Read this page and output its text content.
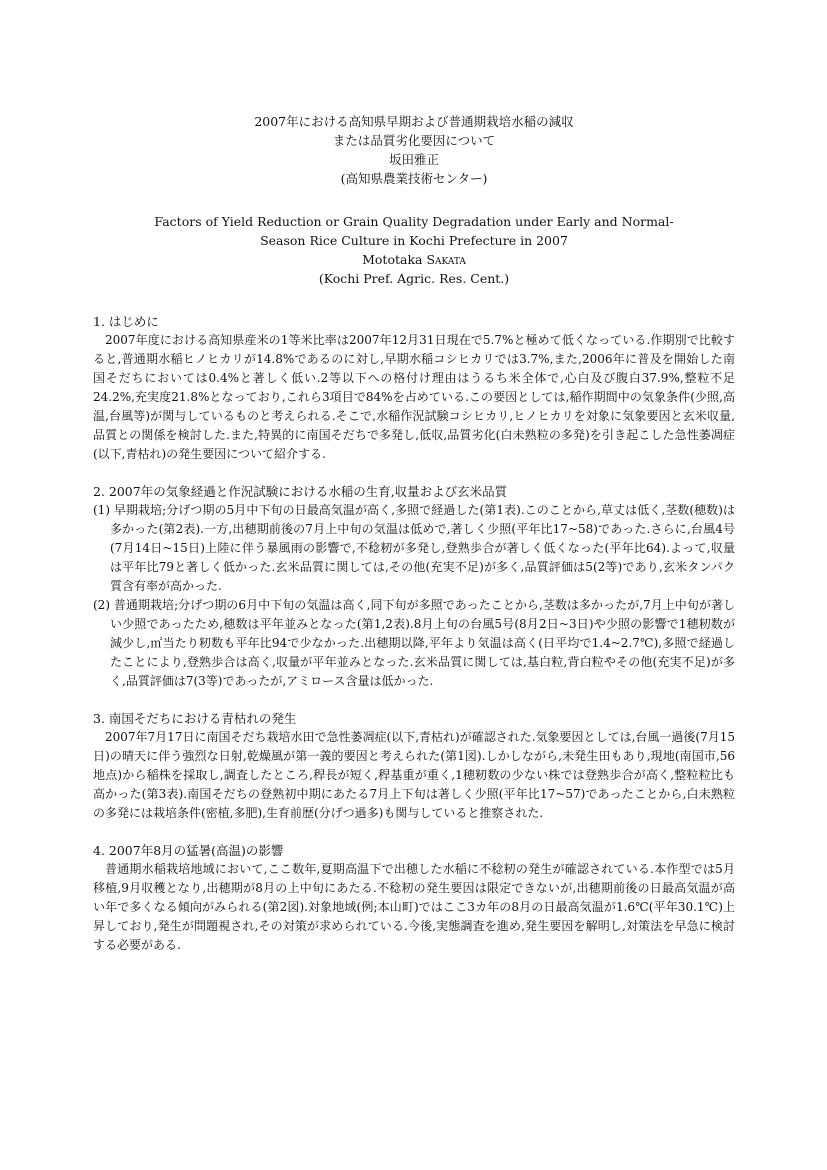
2007年における高知県早期および普通期栽培水稲の減収
または品質劣化要因について
坂田雅正
(高知県農業技術センター)
Factors of Yield Reduction or Grain Quality Degradation under Early and Normal-
Season Rice Culture in Kochi Prefecture in 2007
Mototaka Sakata
(Kochi Pref. Agric. Res. Cent.)
1. はじめに
2007年度における高知県産米の1等米比率は2007年12月31日現在で5.7%と極めて低くなっている.作期別で比較すると,普通期水稲ヒノヒカリが14.8%であるのに対し,早期水稲コシヒカリでは3.7%,また,2006年に普及を開始した南国そだちにおいては0.4%と著しく低い.2等以下への格付け理由はうるち米全体で,心白及び腹白37.9%,整粒不足24.2%,充実度21.8%となっており,これら3項目で84%を占めている.この要因としては,稲作期間中の気象条件(少照,高温,台風等)が関与しているものと考えられる.そこで,水稲作況試験コシヒカリ,ヒノヒカリを対象に気象要因と玄米収量,品質との関係を検討した.また,特異的に南国そだちで多発し,低収,品質劣化(白未熟粒の多発)を引き起こした急性萎凋症(以下,青枯れ)の発生要因について紹介する.
2. 2007年の気象経過と作況試験における水稲の生育,収量および玄米品質
(1) 早期栽培;分げつ期の5月中下旬の日最高気温が高く,多照で経過した(第1表).このことから,草丈は低く,茎数(穂数)は多かった(第2表).一方,出穂期前後の7月上中旬の気温は低めで,著しく少照(平年比17~58)であった.さらに,台風4号(7月14日~15日)上陸に伴う暴風雨の影響で,不稔籾が多発し,登熟歩合が著しく低くなった(平年比64).よって,収量は平年比79と著しく低かった.玄米品質に関しては,その他(充実不足)が多く,品質評価は5(2等)であり,玄米タンパク質含有率が高かった.
(2) 普通期栽培;分げつ期の6月中下旬の気温は高く,同下旬が多照であったことから,茎数は多かったが,7月上中旬が著しい少照であったため,穂数は平年並みとなった(第1,2表).8月上旬の台風5号(8月2日~3日)や少照の影響で1穂籾数が減少し,㎡当たり籾数も平年比94で少なかった.出穂期以降,平年より気温は高く(日平均で1.4~2.7℃),多照で経過したことにより,登熟歩合は高く,収量が平年並みとなった.玄米品質に関しては,基白粒,背白粒やその他(充実不足)が多く,品質評価は7(3等)であったが,アミロース含量は低かった.
3. 南国そだちにおける青枯れの発生
2007年7月17日に南国そだち栽培水田で急性萎凋症(以下,青枯れ)が確認された.気象要因としては,台風一過後(7月15日)の晴天に伴う強烈な日射,乾燥風が第一義的要因と考えられた(第1図).しかしながら,未発生田もあり,現地(南国市,56地点)から稲株を採取し,調査したところ,稈長が短く,稈基重が重く,1穂籾数の少ない株では登熟歩合が高く,整粒粒比も高かった(第3表).南国そだちの登熟初中期にあたる7月上下旬は著しく少照(平年比17~57)であったことから,白未熟粒の多発には栽培条件(密植,多肥),生育前歴(分げつ過多)も関与していると推察された.
4. 2007年8月の猛暑(高温)の影響
普通期水稲栽培地域において,ここ数年,夏期高温下で出穂した水稲に不稔籾の発生が確認されている.本作型では5月移植,9月収穫となり,出穂期が8月の上中旬にあたる.不稔籾の発生要因は限定できないが,出穂期前後の日最高気温が高い年で多くなる傾向がみられる(第2図).対象地域(例;本山町)ではここ3カ年の8月の日最高気温が1.6℃(平年30.1℃)上昇しており,発生が問題視され,その対策が求められている.今後,実態調査を進め,発生要因を解明し,対策法を早急に検討する必要がある.
